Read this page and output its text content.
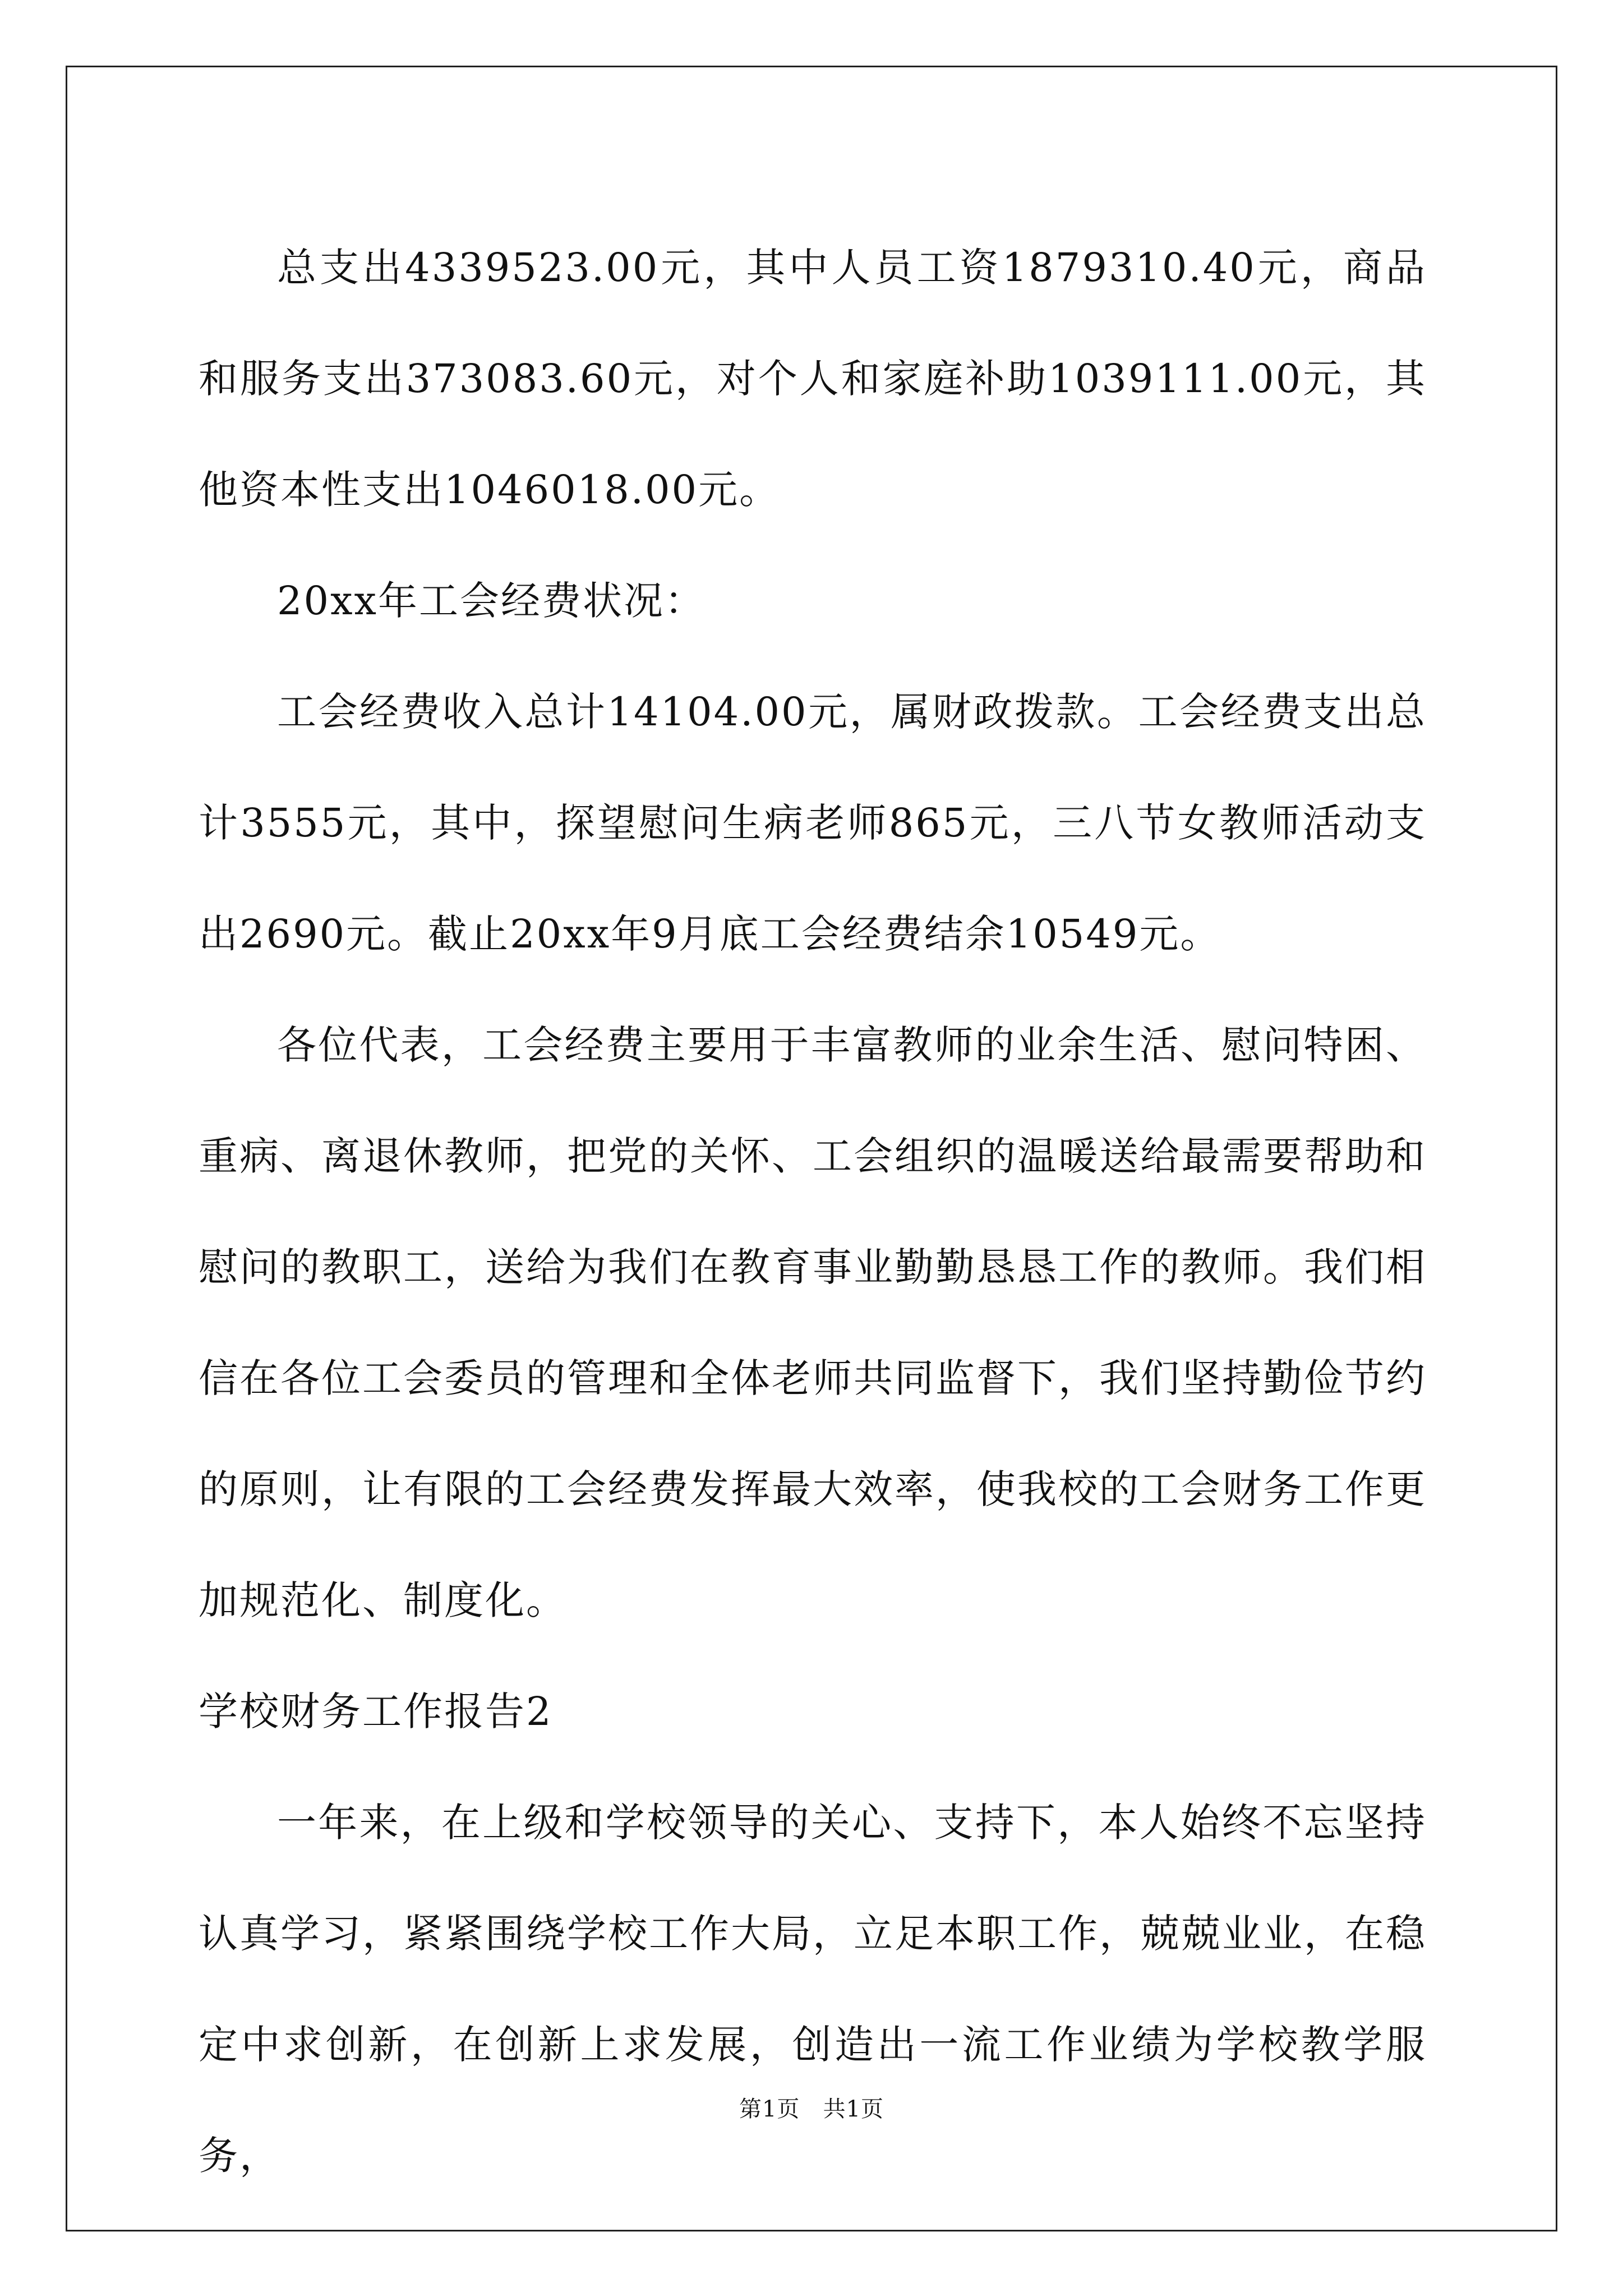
总支出4339523.00元，其中人员工资1879310.40元，商品和服务支出373083.60元，对个人和家庭补助1039111.00元，其他资本性支出1046018.00元。

20xx年工会经费状况：

工会经费收入总计14104.00元，属财政拨款。工会经费支出总计3555元，其中，探望慰问生病老师865元，三八节女教师活动支出2690元。截止20xx年9月底工会经费结余10549元。

各位代表，工会经费主要用于丰富教师的业余生活、慰问特困、重病、离退休教师，把党的关怀、工会组织的温暖送给最需要帮助和慰问的教职工，送给为我们在教育事业勤勤恳恳工作的教师。我们相信在各位工会委员的管理和全体老师共同监督下，我们坚持勤俭节约的原则，让有限的工会经费发挥最大效率，使我校的工会财务工作更加规范化、制度化。

学校财务工作报告2

一年来，在上级和学校领导的关心、支持下，本人始终不忘坚持认真学习，紧紧围绕学校工作大局，立足本职工作，兢兢业业，在稳定中求创新，在创新上求发展，创造出一流工作业绩为学校教学服务，

第1页 共1页
